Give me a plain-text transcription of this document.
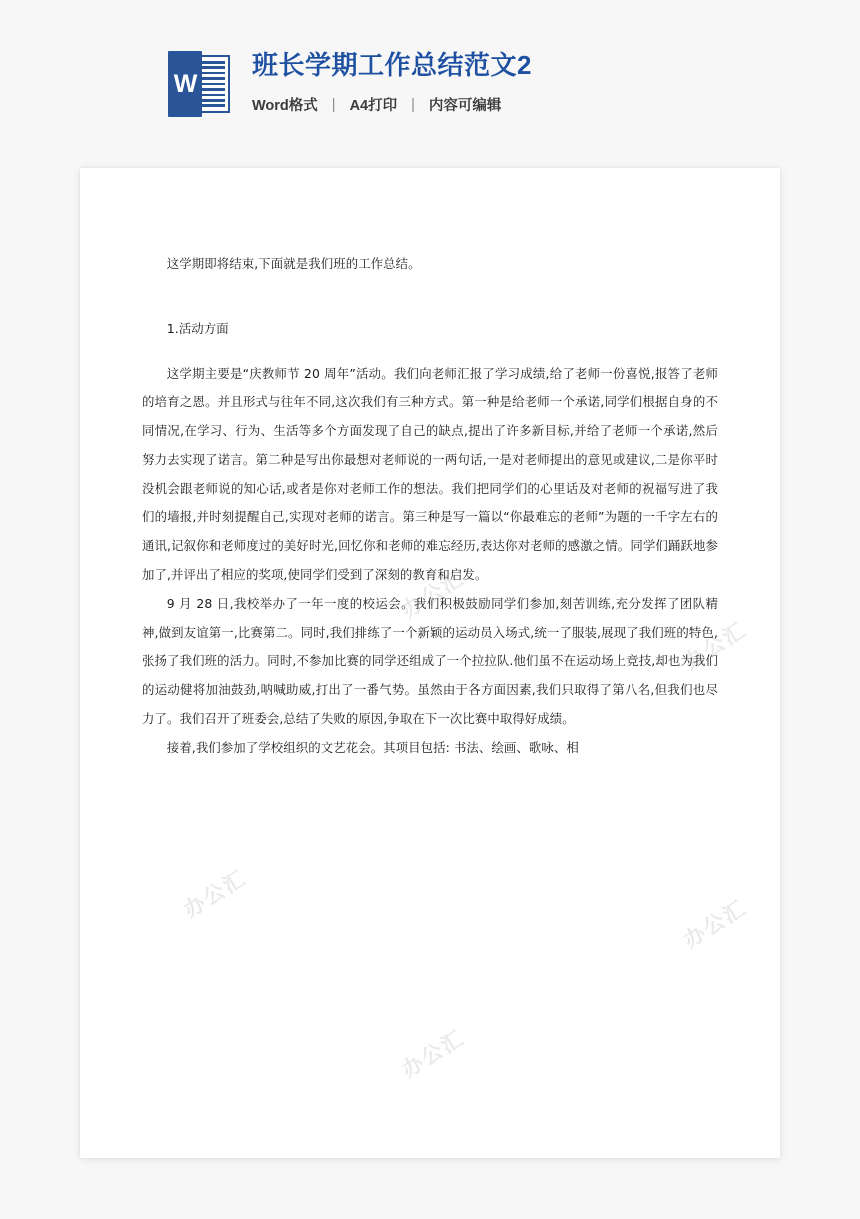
W
班长学期工作总结范文2
Word格式 | A4打印 | 内容可编辑
办公汇
办公汇
办公汇
办公汇
办公汇

这学期即将结束,下面就是我们班的工作总结。

1.活动方面

这学期主要是“庆教师节 20 周年”活动。我们向老师汇报了学习成绩,给了老师一份喜悦,报答了老师的培育之恩。并且形式与往年不同,这次我们有三种方式。第一种是给老师一个承诺,同学们根据自身的不同情况,在学习、行为、生活等多个方面发现了自己的缺点,提出了许多新目标,并给了老师一个承诺,然后努力去实现了诺言。第二种是写出你最想对老师说的一两句话,一是对老师提出的意见或建议,二是你平时没机会跟老师说的知心话,或者是你对老师工作的想法。我们把同学们的心里话及对老师的祝福写进了我们的墙报,并时刻提醒自己,实现对老师的诺言。第三种是写一篇以“你最难忘的老师”为题的一千字左右的通讯,记叙你和老师度过的美好时光,回忆你和老师的难忘经历,表达你对老师的感激之情。同学们踊跃地参加了,并评出了相应的奖项,使同学们受到了深刻的教育和启发。

9 月 28 日,我校举办了一年一度的校运会。我们积极鼓励同学们参加,刻苦训练,充分发挥了团队精神,做到友谊第一,比赛第二。同时,我们排练了一个新颖的运动员入场式,统一了服装,展现了我们班的特色,张扬了我们班的活力。同时,不参加比赛的同学还组成了一个拉拉队.他们虽不在运动场上竞技,却也为我们的运动健将加油鼓劲,呐喊助威,打出了一番气势。虽然由于各方面因素,我们只取得了第八名,但我们也尽力了。我们召开了班委会,总结了失败的原因,争取在下一次比赛中取得好成绩。

接着,我们参加了学校组织的文艺花会。其项目包括: 书法、绘画、歌咏、相
